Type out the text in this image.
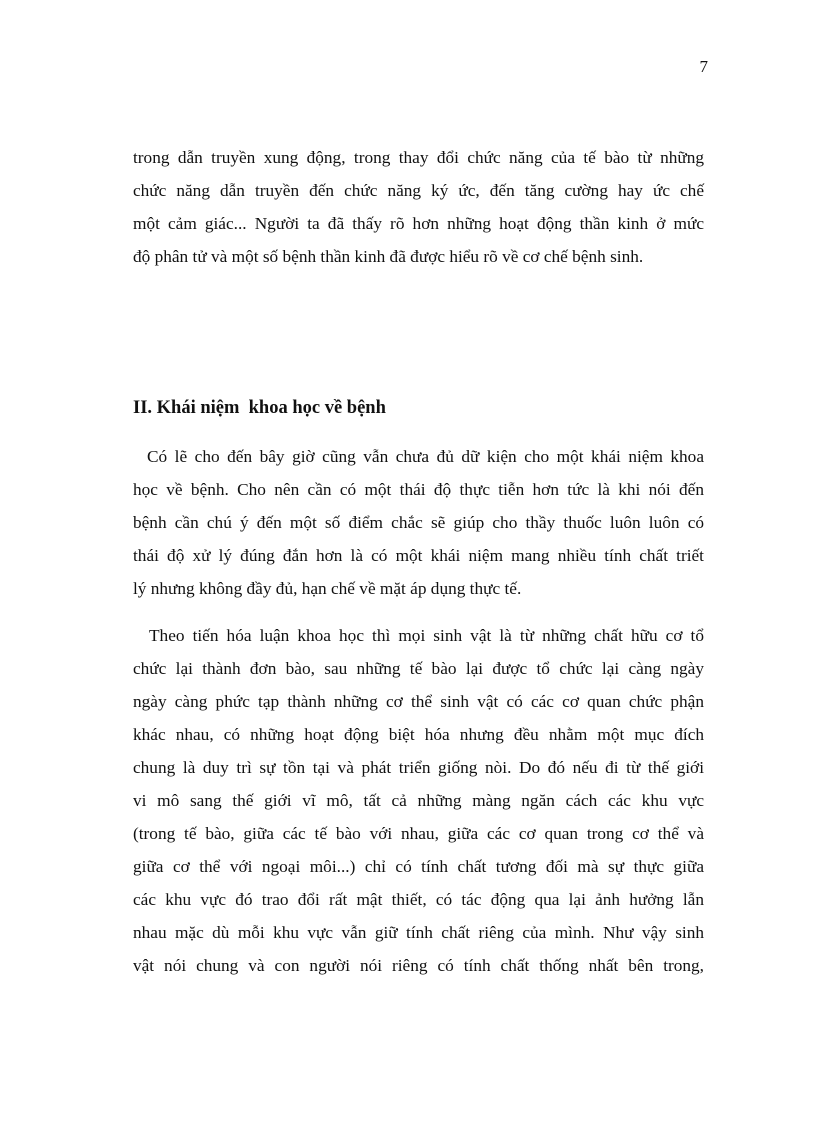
7
trong dẫn truyền xung động, trong thay đổi chức năng của tế bào từ những
chức năng dẫn truyền đến chức năng ký ức, đến tăng cường hay ức chế
một cảm giác... Người ta đã thấy rõ hơn những hoạt động thần kinh ở mức
độ phân tử và một số bệnh thần kinh đã được hiểu rõ về cơ chế bệnh sinh.
II. Khái niệm  khoa học về bệnh
Có lẽ cho đến bây giờ cũng vẫn chưa đủ dữ kiện cho một khái niệm khoa
học về bệnh. Cho nên cần có một thái độ thực tiễn hơn tức là khi nói đến
bệnh cần chú ý đến một số điểm chắc sẽ giúp cho thầy thuốc luôn luôn có
thái độ xử lý đúng đắn hơn là có một khái niệm mang nhiều tính chất triết
lý nhưng không đầy đủ, hạn chế về mặt áp dụng thực tế.
Theo tiến hóa luận khoa học thì mọi sinh vật là từ những chất hữu cơ tổ
chức lại thành đơn bào, sau những tế bào lại được tổ chức lại càng ngày
ngày càng phức tạp thành những cơ thể sinh vật có các cơ quan chức phận
khác nhau, có những hoạt động biệt hóa nhưng đều nhằm một mục đích
chung là duy trì sự tồn tại và phát triển giống nòi. Do đó nếu đi từ thế giới
vi mô sang thế giới vĩ mô, tất cả những màng ngăn cách các khu vực
(trong tế bào, giữa các tế bào với nhau, giữa các cơ quan trong cơ thể và
giữa cơ thể với ngoại môi...) chỉ có tính chất tương đối mà sự thực giữa
các khu vực đó trao đổi rất mật thiết, có tác động qua lại ảnh hưởng lẫn
nhau mặc dù mỗi khu vực vẫn giữ tính chất riêng của mình. Như vậy sinh
vật nói chung và con người nói riêng có tính chất thống nhất bên trong,
